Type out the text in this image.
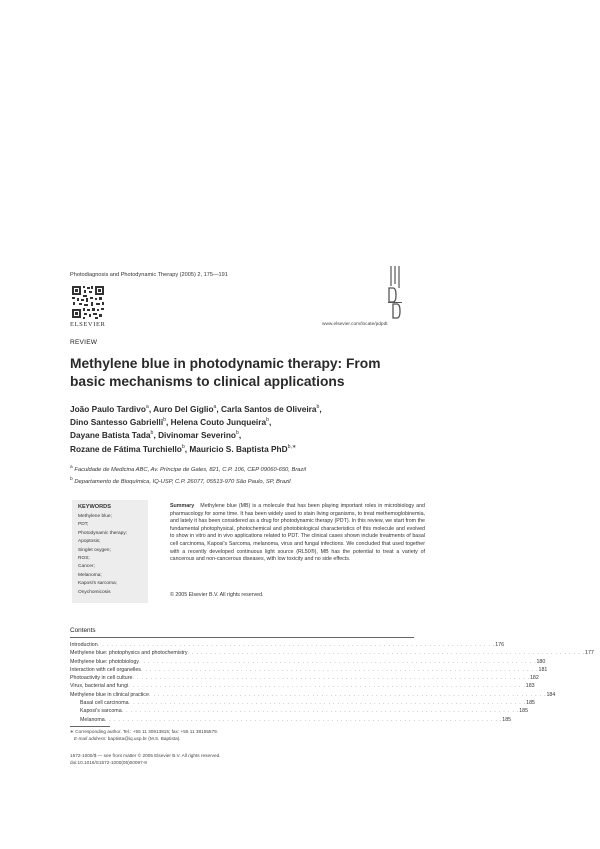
Photodiagnosis and Photodynamic Therapy (2005) 2, 175—191
ELSEVIER	www.elsevier.com/locate/pdpdt
REVIEW
Methylene blue in photodynamic therapy: From basic mechanisms to clinical applications
João Paulo Tardivo$^a$, Auro Del Giglio$^a$, Carla Santos de Oliveira$^b$,
Dino Santesso Gabrielli$^b$, Helena Couto Junqueira$^b$,
Dayane Batista Tada$^b$, Divinomar Severino$^b$,
Rozane de Fátima Turchiello$^b$, Mauricio S. Baptista PhD$^{b,∗}$
$^a$ Faculdade de Medicina ABC, Av. Príncipe de Gales, 821, C.P. 106, CEP 09060-650, Brazil
$^b$ Departamento de Bioquímica, IQ-USP, C.P. 26077, 05513-970 São Paulo, SP, Brazil
KEYWORDS
Methylene blue;
PDT;
Photodynamic therapy;
Apoptosis;
Singlet oxygen;
ROS;
Cancer;
Melanoma;
Kaposi's sarcoma;
Onychomicosis
Summary Methylene blue (MB) is a molecule that has been playing important roles in microbiology and pharmacology for some time. It has been widely used to stain living organisms, to treat methemoglobinemia, and lately it has been considered as a drug for photodynamic therapy (PDT). In this review, we start from the fundamental photophysical, photochemical and photobiological characteristics of this molecule and evolved to show in vitro and in vivo applications related to PDT. The clinical cases shown include treatments of basal cell carcinoma, Kaposi's Sarcoma, melanoma, virus and fungal infections. We concluded that used together with a recently developed continuous light source (RL50®), MB has the potential to treat a variety of cancerous and non-cancerous diseases, with low toxicity and no side effects.
© 2005 Elsevier B.V. All rights reserved.
Contents
Introduction . . . . . . . . . . . . . . . . . . . . . . . . . . . . . . . . . . . . . . . . . . . . . . . . . . . . . . . . . . . . . . . . . . . . . . . . . . . . . . . . . . . . . . . . 176
Methylene blue: photophysics and photochemistry . . . . . . . . . . . . . . . . . . . . . . . . . . . . . . . . . . . . . . . . . . . . . . . . . . . . . . . . . . . . . . . . . . . . . . . . . . . . . . . . . . . . . . . . 177
Methylene blue: photobiology . . . . . . . . . . . . . . . . . . . . . . . . . . . . . . . . . . . . . . . . . . . . . . . . . . . . . . . . . . . . . . . . . . . . . . . . . . . . . . . . . . . . . . . . 180
Interaction with cell organelles . . . . . . . . . . . . . . . . . . . . . . . . . . . . . . . . . . . . . . . . . . . . . . . . . . . . . . . . . . . . . . . . . . . . . . . . . . . . . . . . . . . . . . . . 181
Photoactivity in cell culture . . . . . . . . . . . . . . . . . . . . . . . . . . . . . . . . . . . . . . . . . . . . . . . . . . . . . . . . . . . . . . . . . . . . . . . . . . . . . . . . . . . . . . . . 182
Virus, bacterial and fungi . . . . . . . . . . . . . . . . . . . . . . . . . . . . . . . . . . . . . . . . . . . . . . . . . . . . . . . . . . . . . . . . . . . . . . . . . . . . . . . . . . . . . . . . 183
Methylene blue in clinical practice . . . . . . . . . . . . . . . . . . . . . . . . . . . . . . . . . . . . . . . . . . . . . . . . . . . . . . . . . . . . . . . . . . . . . . . . . . . . . . . . . . . . . . . . 184
Basal cell carcinoma . . . . . . . . . . . . . . . . . . . . . . . . . . . . . . . . . . . . . . . . . . . . . . . . . . . . . . . . . . . . . . . . . . . . . . . . . . . . . . . . . . . . . . . . 185
Kaposi's sarcoma . . . . . . . . . . . . . . . . . . . . . . . . . . . . . . . . . . . . . . . . . . . . . . . . . . . . . . . . . . . . . . . . . . . . . . . . . . . . . . . . . . . . . . . . 185
Melanoma . . . . . . . . . . . . . . . . . . . . . . . . . . . . . . . . . . . . . . . . . . . . . . . . . . . . . . . . . . . . . . . . . . . . . . . . . . . . . . . . . . . . . . . . 185
∗ Corresponding author. Tel.: +55 11 30913815; fax: +55 11 38155579.
E-mail address: baptista@iq.usp.br (M.S. Baptista).
1572-1000/$ — see front matter © 2005 Elsevier B.V. All rights reserved.
doi:10.1016/S1572-1000(05)00097-9
